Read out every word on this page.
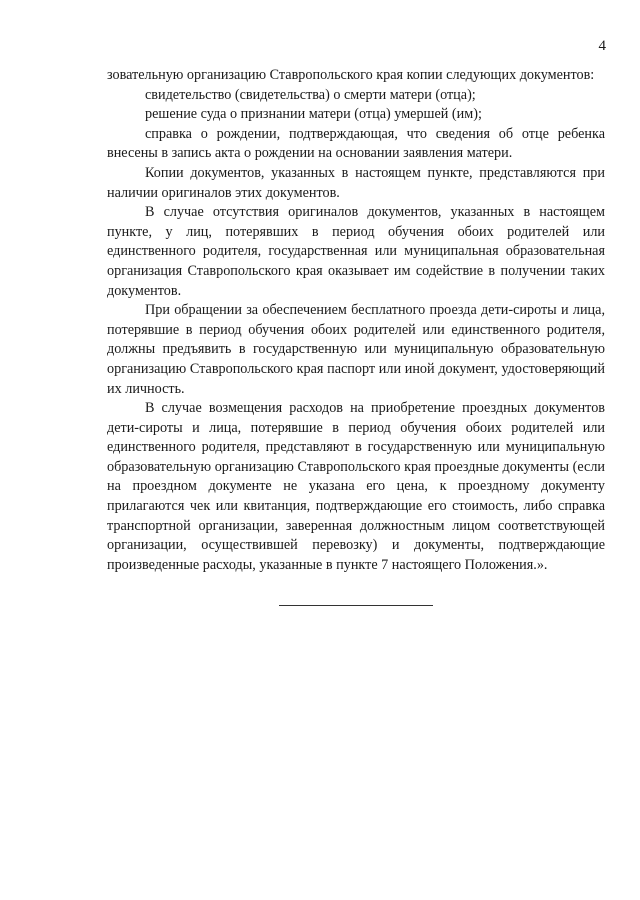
4

зовательную организацию Ставропольского края копии следующих документов:

свидетельство (свидетельства) о смерти матери (отца);

решение суда о признании матери (отца) умершей (им);

справка о рождении, подтверждающая, что сведения об отце ребенка внесены в запись акта о рождении на основании заявления матери.

Копии документов, указанных в настоящем пункте, представляются при наличии оригиналов этих документов.

В случае отсутствия оригиналов документов, указанных в настоящем пункте, у лиц, потерявших в период обучения обоих родителей или единственного родителя, государственная или муниципальная образовательная организация Ставропольского края оказывает им содействие в получении таких документов.

При обращении за обеспечением бесплатного проезда дети-сироты и лица, потерявшие в период обучения обоих родителей или единственного родителя, должны предъявить в государственную или муниципальную образовательную организацию Ставропольского края паспорт или иной документ, удостоверяющий их личность.

В случае возмещения расходов на приобретение проездных документов дети-сироты и лица, потерявшие в период обучения обоих родителей или единственного родителя, представляют в государственную или муниципальную образовательную организацию Ставропольского края проездные документы (если на проездном документе не указана его цена, к проездному документу прилагаются чек или квитанция, подтверждающие его стоимость, либо справка транспортной организации, заверенная должностным лицом соответствующей организации, осуществившей перевозку) и документы, подтверждающие произведенные расходы, указанные в пункте 7 настоящего Положения.».
